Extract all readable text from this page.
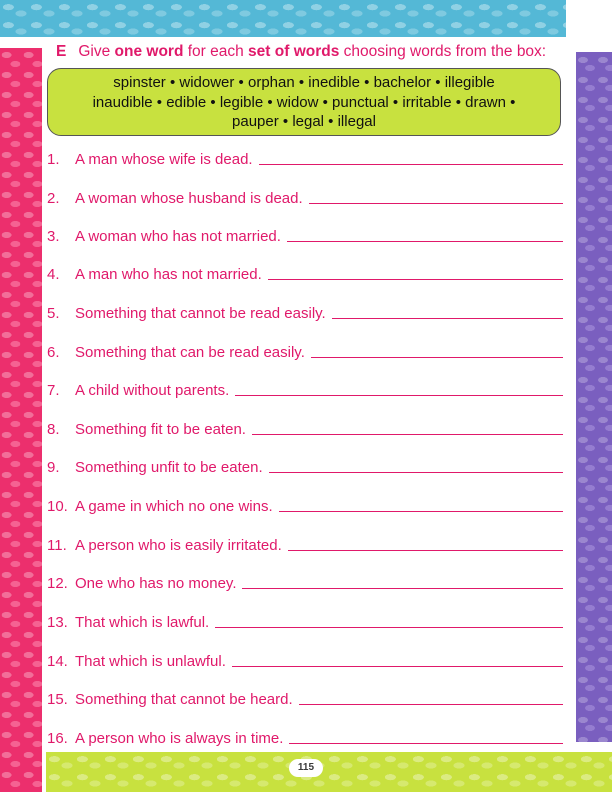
115
E Give one word for each set of words choosing words from the box:
spinster • widower • orphan • inedible • bachelor • illegible
inaudible • edible • legible • widow • punctual • irritable • drawn •
pauper • legal • illegal
1.	A man whose wife is dead.
2.	A woman whose husband is dead.
3.	A woman who has not married.
4.	A man who has not married.
5.	Something that cannot be read easily.
6.	Something that can be read easily.
7.	A child without parents.
8.	Something fit to be eaten.
9.	Something unfit to be eaten.
10. A game in which no one wins.
11. A person who is easily irritated.
12. One who has no money.
13. That which is lawful.
14. That which is unlawful.
15. Something that cannot be heard.
16. A person who is always in time.
